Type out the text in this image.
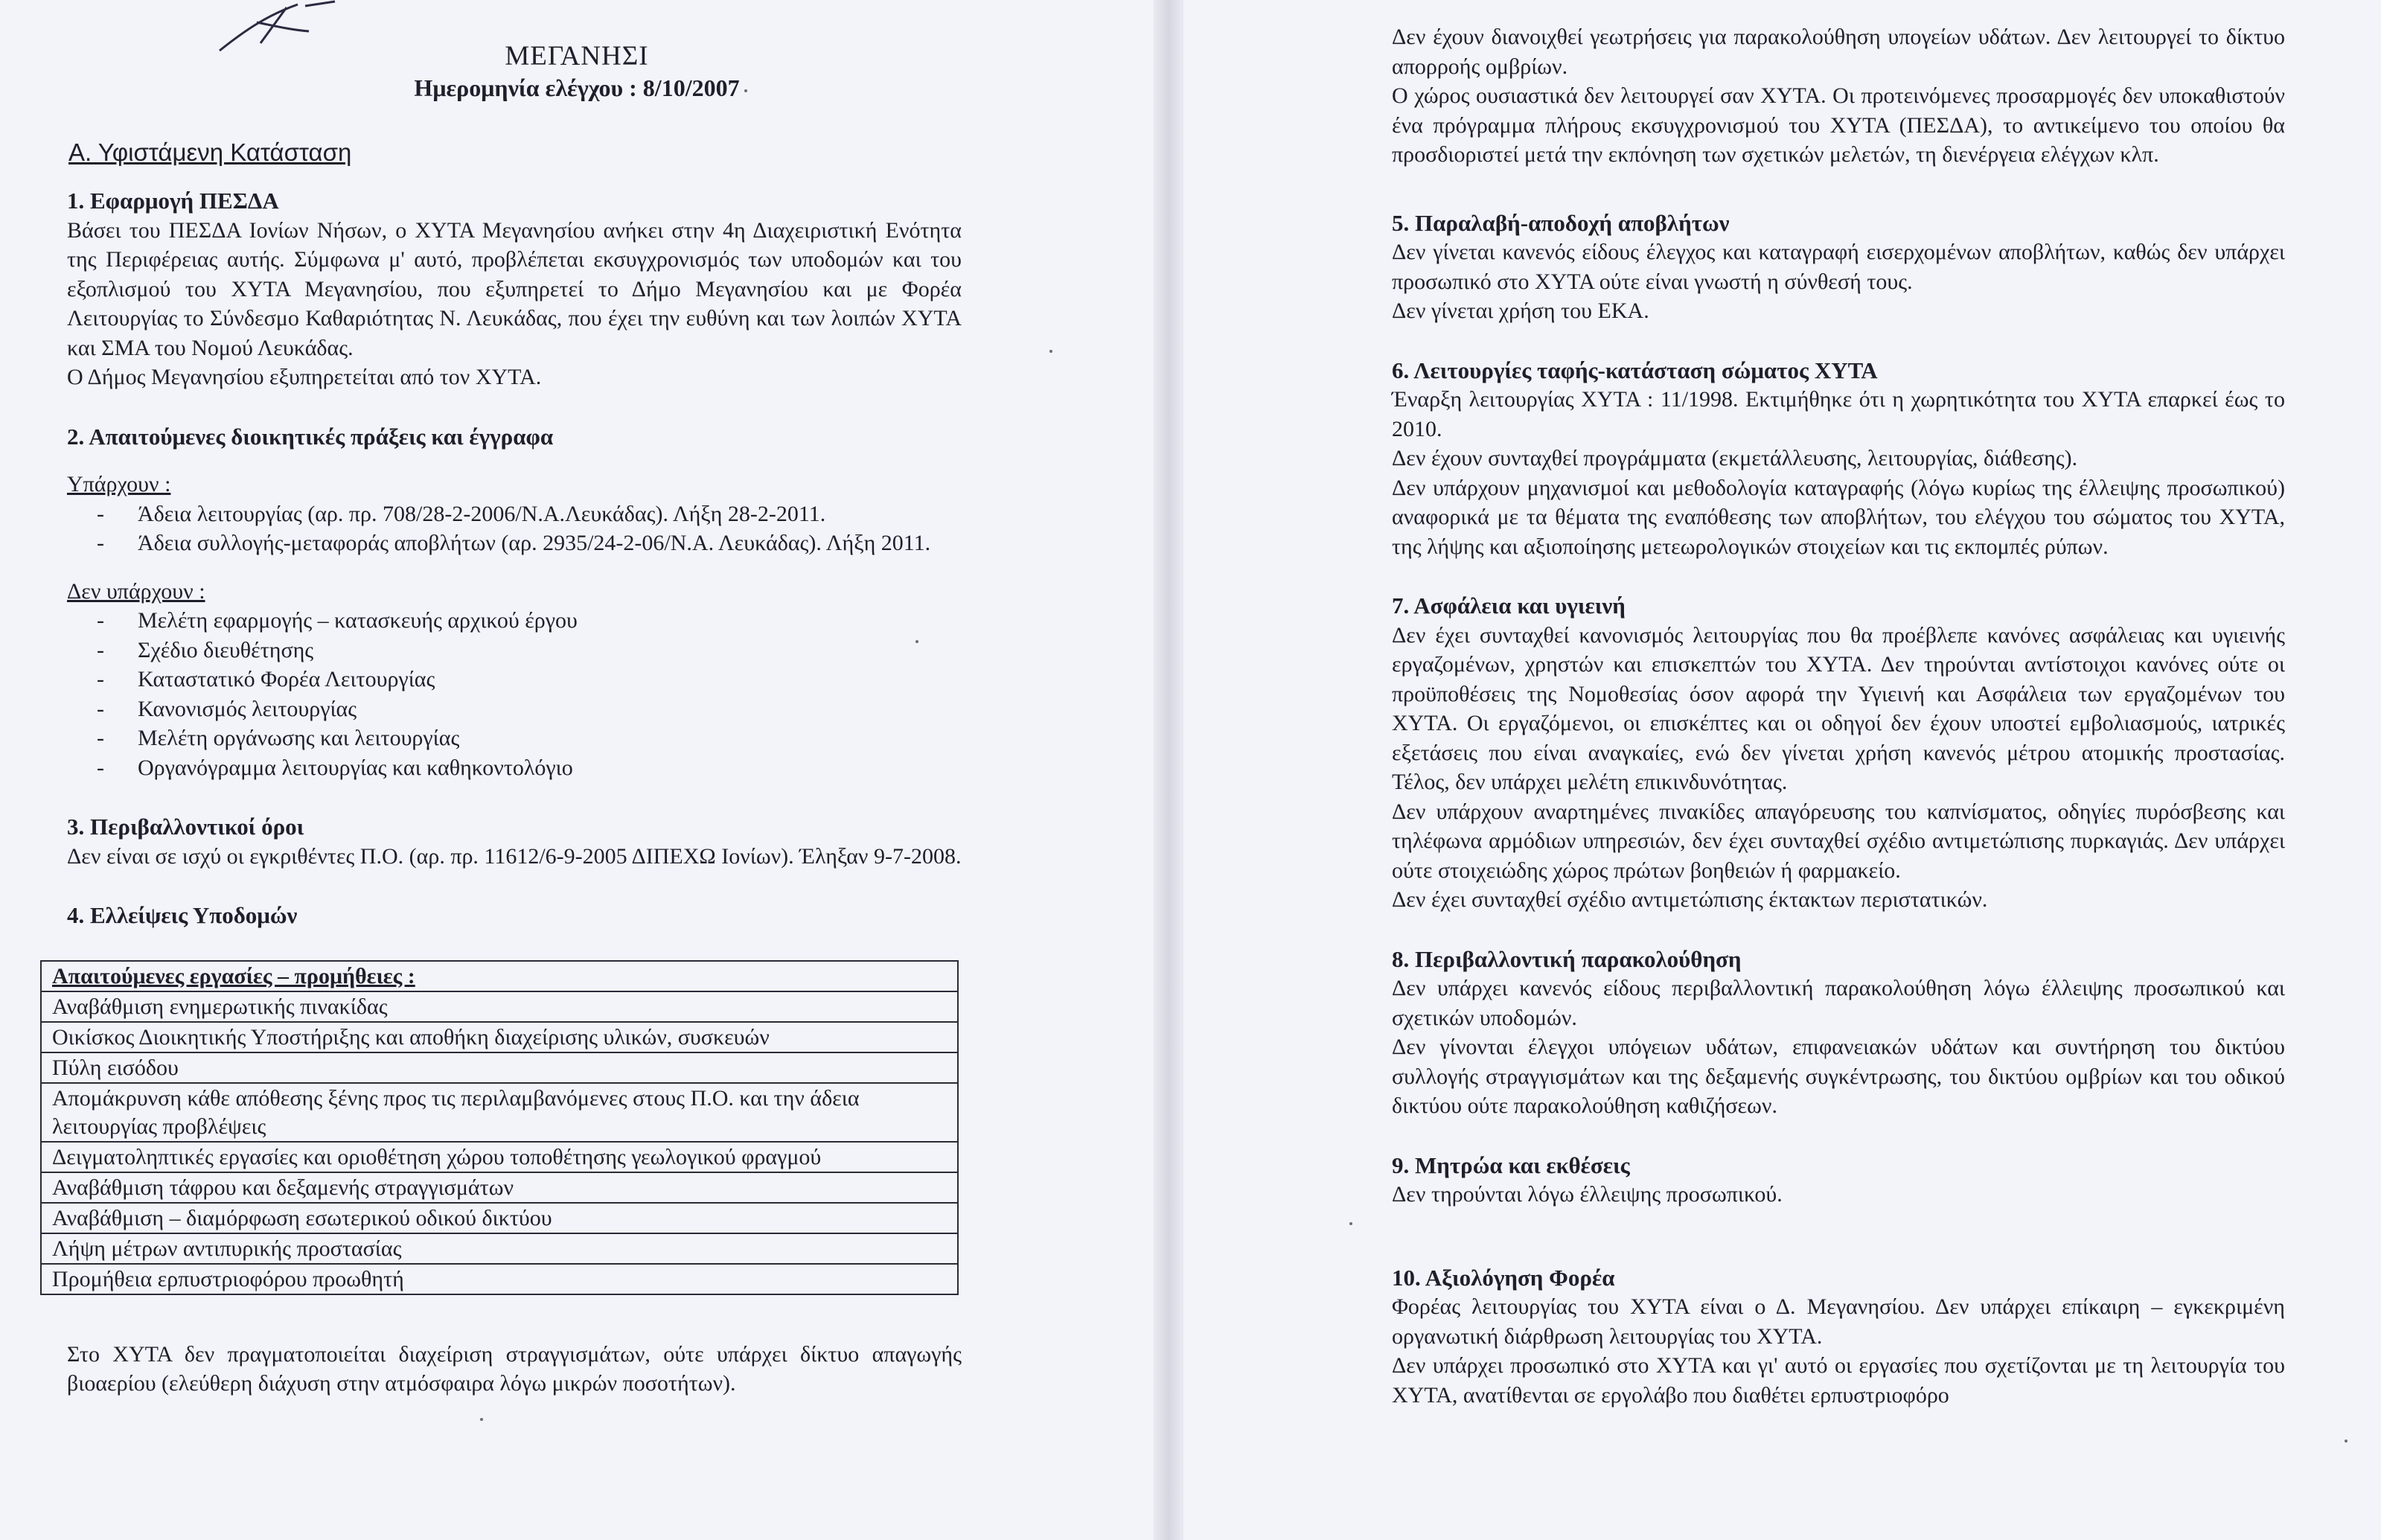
ΜΕΓΑΝΗΣΙ
Ημερομηνία ελέγχου : 8/10/2007
Α. Υφιστάμενη Κατάσταση

1. Εφαρμογή ΠΕΣΔΑ

Βάσει του ΠΕΣΔΑ Ιονίων Νήσων, ο ΧΥΤΑ Μεγανησίου ανήκει στην 4η Διαχειριστική Ενότητα της Περιφέρειας αυτής. Σύμφωνα μ' αυτό, προβλέπεται εκσυγχρονισμός των υποδομών και του εξοπλισμού του ΧΥΤΑ Μεγανησίου, που εξυπηρετεί το Δήμο Μεγανησίου και με Φορέα Λειτουργίας το Σύνδεσμο Καθαριότητας Ν. Λευκάδας, που έχει την ευθύνη και των λοιπών ΧΥΤΑ και ΣΜΑ του Νομού Λευκάδας.

Ο Δήμος Μεγανησίου εξυπηρετείται από τον ΧΥΤΑ.

2. Απαιτούμενες διοικητικές πράξεις και έγγραφα

Υπάρχουν :

- Άδεια λειτουργίας (αρ. πρ. 708/28-2-2006/Ν.Α.Λευκάδας). Λήξη 28-2-2011.
- Άδεια συλλογής-μεταφοράς αποβλήτων (αρ. 2935/24-2-06/Ν.Α. Λευκάδας). Λήξη 2011.

Δεν υπάρχουν :

- Μελέτη εφαρμογής – κατασκευής αρχικού έργου
- Σχέδιο διευθέτησης
- Καταστατικό Φορέα Λειτουργίας
- Κανονισμός λειτουργίας
- Μελέτη οργάνωσης και λειτουργίας
- Οργανόγραμμα λειτουργίας και καθηκοντολόγιο

3. Περιβαλλοντικοί όροι

Δεν είναι σε ισχύ οι εγκριθέντες Π.Ο. (αρ. πρ. 11612/6-9-2005 ΔΙΠΕΧΩ Ιονίων). Έληξαν 9-7-2008.

4. Ελλείψεις Υποδομών

Απαιτούμενες εργασίες – προμήθειες :
Αναβάθμιση ενημερωτικής πινακίδας
Οικίσκος Διοικητικής Υποστήριξης και αποθήκη διαχείρισης υλικών, συσκευών
Πύλη εισόδου
Απομάκρυνση κάθε απόθεσης ξένης προς τις περιλαμβανόμενες στους Π.Ο. και την άδεια λειτουργίας προβλέψεις
Δειγματοληπτικές εργασίες και οριοθέτηση χώρου τοποθέτησης γεωλογικού φραγμού
Αναβάθμιση τάφρου και δεξαμενής στραγγισμάτων
Αναβάθμιση – διαμόρφωση εσωτερικού οδικού δικτύου
Λήψη μέτρων αντιπυρικής προστασίας
Προμήθεια ερπυστριοφόρου προωθητή

Στο ΧΥΤΑ δεν πραγματοποιείται διαχείριση στραγγισμάτων, ούτε υπάρχει δίκτυο απαγωγής βιοαερίου (ελεύθερη διάχυση στην ατμόσφαιρα λόγω μικρών ποσοτήτων).

Δεν έχουν διανοιχθεί γεωτρήσεις για παρακολούθηση υπογείων υδάτων. Δεν λειτουργεί το δίκτυο απορροής ομβρίων.

Ο χώρος ουσιαστικά δεν λειτουργεί σαν ΧΥΤΑ. Οι προτεινόμενες προσαρμογές δεν υποκαθιστούν ένα πρόγραμμα πλήρους εκσυγχρονισμού του ΧΥΤΑ (ΠΕΣΔΑ), το αντικείμενο του οποίου θα προσδιοριστεί μετά την εκπόνηση των σχετικών μελετών, τη διενέργεια ελέγχων κλπ.

5. Παραλαβή-αποδοχή αποβλήτων

Δεν γίνεται κανενός είδους έλεγχος και καταγραφή εισερχομένων αποβλήτων, καθώς δεν υπάρχει προσωπικό στο ΧΥΤΑ ούτε είναι γνωστή η σύνθεσή τους.

Δεν γίνεται χρήση του ΕΚΑ.

6. Λειτουργίες ταφής-κατάσταση σώματος ΧΥΤΑ

Έναρξη λειτουργίας ΧΥΤΑ : 11/1998. Εκτιμήθηκε ότι η χωρητικότητα του ΧΥΤΑ επαρκεί έως το 2010.

Δεν έχουν συνταχθεί προγράμματα (εκμετάλλευσης, λειτουργίας, διάθεσης).

Δεν υπάρχουν μηχανισμοί και μεθοδολογία καταγραφής (λόγω κυρίως της έλλειψης προσωπικού) αναφορικά με τα θέματα της εναπόθεσης των αποβλήτων, του ελέγχου του σώματος του ΧΥΤΑ, της λήψης και αξιοποίησης μετεωρολογικών στοιχείων και τις εκπομπές ρύπων.

7. Ασφάλεια και υγιεινή

Δεν έχει συνταχθεί κανονισμός λειτουργίας που θα προέβλεπε κανόνες ασφάλειας και υγιεινής εργαζομένων, χρηστών και επισκεπτών του ΧΥΤΑ. Δεν τηρούνται αντίστοιχοι κανόνες ούτε οι προϋποθέσεις της Νομοθεσίας όσον αφορά την Υγιεινή και Ασφάλεια των εργαζομένων του ΧΥΤΑ. Οι εργαζόμενοι, οι επισκέπτες και οι οδηγοί δεν έχουν υποστεί εμβολιασμούς, ιατρικές εξετάσεις που είναι αναγκαίες, ενώ δεν γίνεται χρήση κανενός μέτρου ατομικής προστασίας. Τέλος, δεν υπάρχει μελέτη επικινδυνότητας.

Δεν υπάρχουν αναρτημένες πινακίδες απαγόρευσης του καπνίσματος, οδηγίες πυρόσβεσης και τηλέφωνα αρμόδιων υπηρεσιών, δεν έχει συνταχθεί σχέδιο αντιμετώπισης πυρκαγιάς. Δεν υπάρχει ούτε στοιχειώδης χώρος πρώτων βοηθειών ή φαρμακείο.

Δεν έχει συνταχθεί σχέδιο αντιμετώπισης έκτακτων περιστατικών.

8. Περιβαλλοντική παρακολούθηση

Δεν υπάρχει κανενός είδους περιβαλλοντική παρακολούθηση λόγω έλλειψης προσωπικού και σχετικών υποδομών.

Δεν γίνονται έλεγχοι υπόγειων υδάτων, επιφανειακών υδάτων και συντήρηση του δικτύου συλλογής στραγγισμάτων και της δεξαμενής συγκέντρωσης, του δικτύου ομβρίων και του οδικού δικτύου ούτε παρακολούθηση καθιζήσεων.

9. Μητρώα και εκθέσεις

Δεν τηρούνται λόγω έλλειψης προσωπικού.

10. Αξιολόγηση Φορέα

Φορέας λειτουργίας του ΧΥΤΑ είναι ο Δ. Μεγανησίου. Δεν υπάρχει επίκαιρη – εγκεκριμένη οργανωτική διάρθρωση λειτουργίας του ΧΥΤΑ.

Δεν υπάρχει προσωπικό στο ΧΥΤΑ και γι' αυτό οι εργασίες που σχετίζονται με τη λειτουργία του ΧΥΤΑ, ανατίθενται σε εργολάβο που διαθέτει ερπυστριοφόρο
